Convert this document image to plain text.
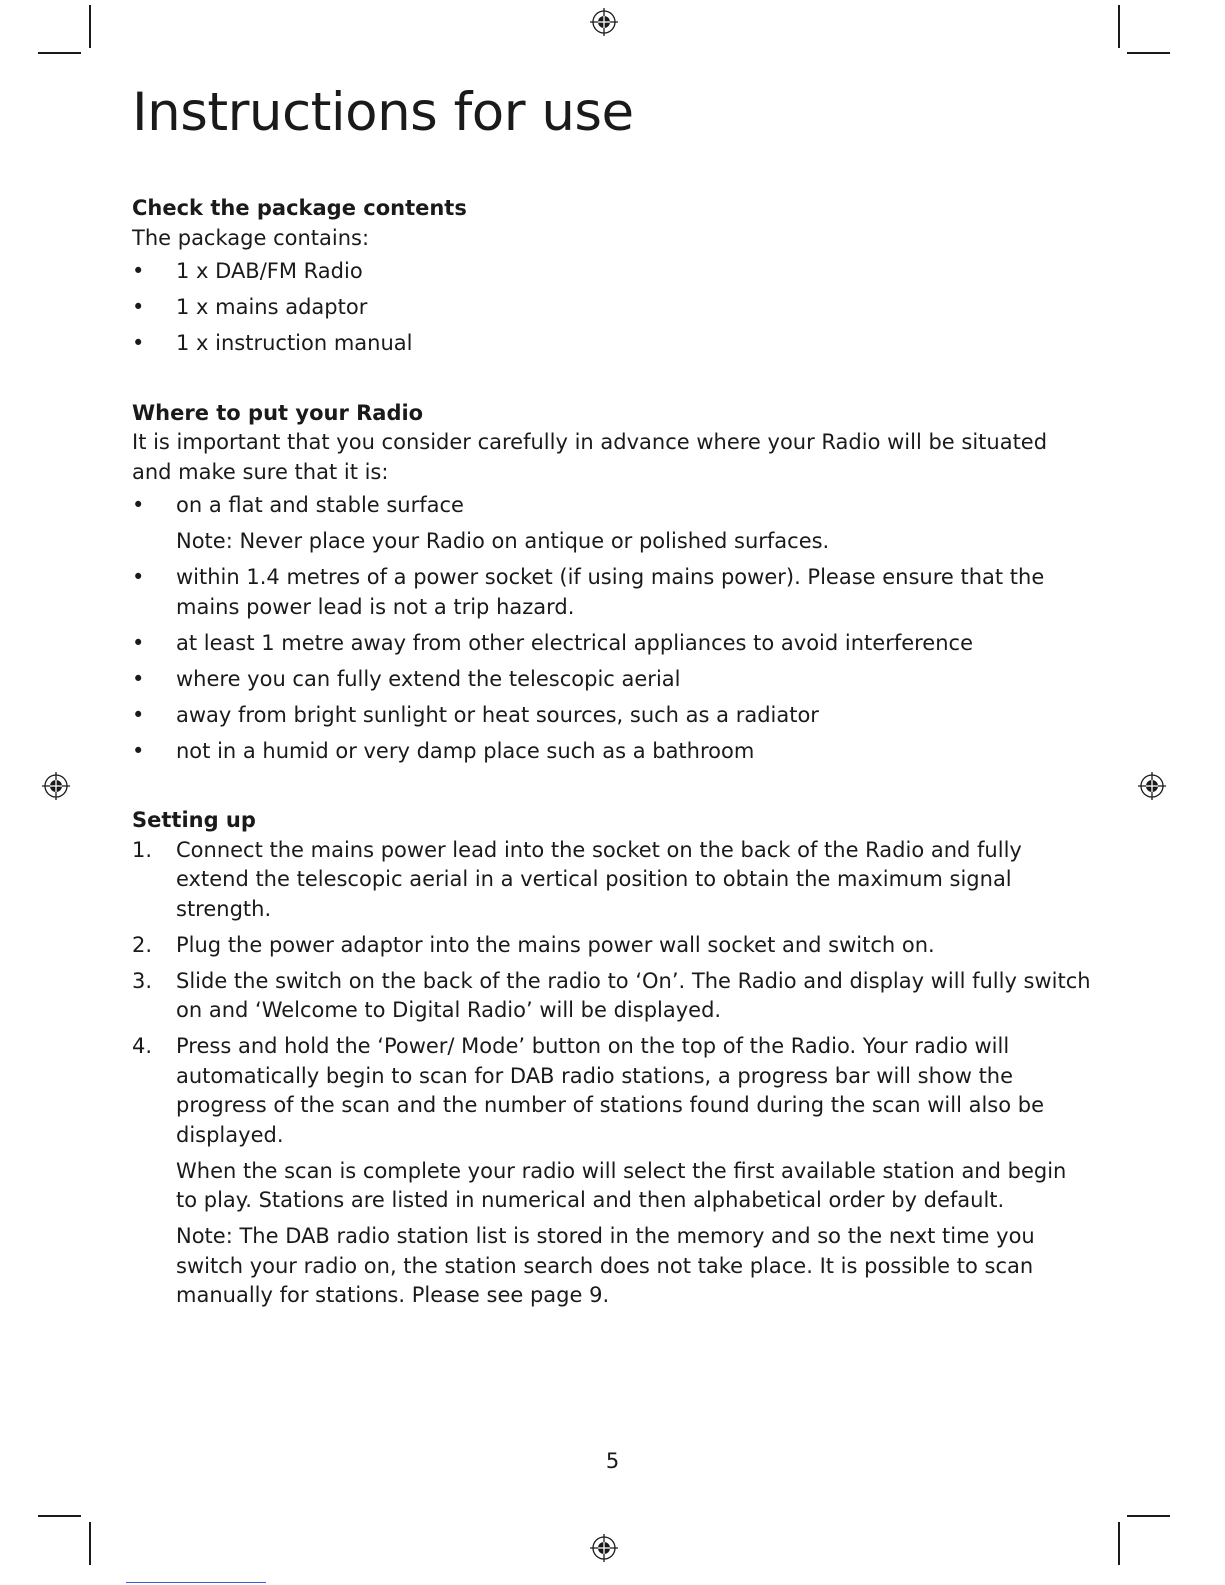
Instructions for use

Check the package contents

The package contains:

• 1 x DAB/FM Radio
• 1 x mains adaptor
• 1 x instruction manual

Where to put your Radio

It is important that you consider carefully in advance where your Radio will be situated and make sure that it is:

• on a flat and stable surface
Note: Never place your Radio on antique or polished surfaces.
• within 1.4 metres of a power socket (if using mains power). Please ensure that the mains power lead is not a trip hazard.
• at least 1 metre away from other electrical appliances to avoid interference
• where you can fully extend the telescopic aerial
• away from bright sunlight or heat sources, such as a radiator
• not in a humid or very damp place such as a bathroom

Setting up

1. Connect the mains power lead into the socket on the back of the Radio and fully extend the telescopic aerial in a vertical position to obtain the maximum signal strength.
2. Plug the power adaptor into the mains power wall socket and switch on.
3. Slide the switch on the back of the radio to ‘On’. The Radio and display will fully switch on and ‘Welcome to Digital Radio’ will be displayed.
4. Press and hold the ‘Power/ Mode’ button on the top of the Radio. Your radio will automatically begin to scan for DAB radio stations, a progress bar will show the progress of the scan and the number of stations found during the scan will also be displayed.
When the scan is complete your radio will select the first available station and begin to play. Stations are listed in numerical and then alphabetical order by default.
Note: The DAB radio station list is stored in the memory and so the next time you switch your radio on, the station search does not take place. It is possible to scan manually for stations. Please see page 9.
5
